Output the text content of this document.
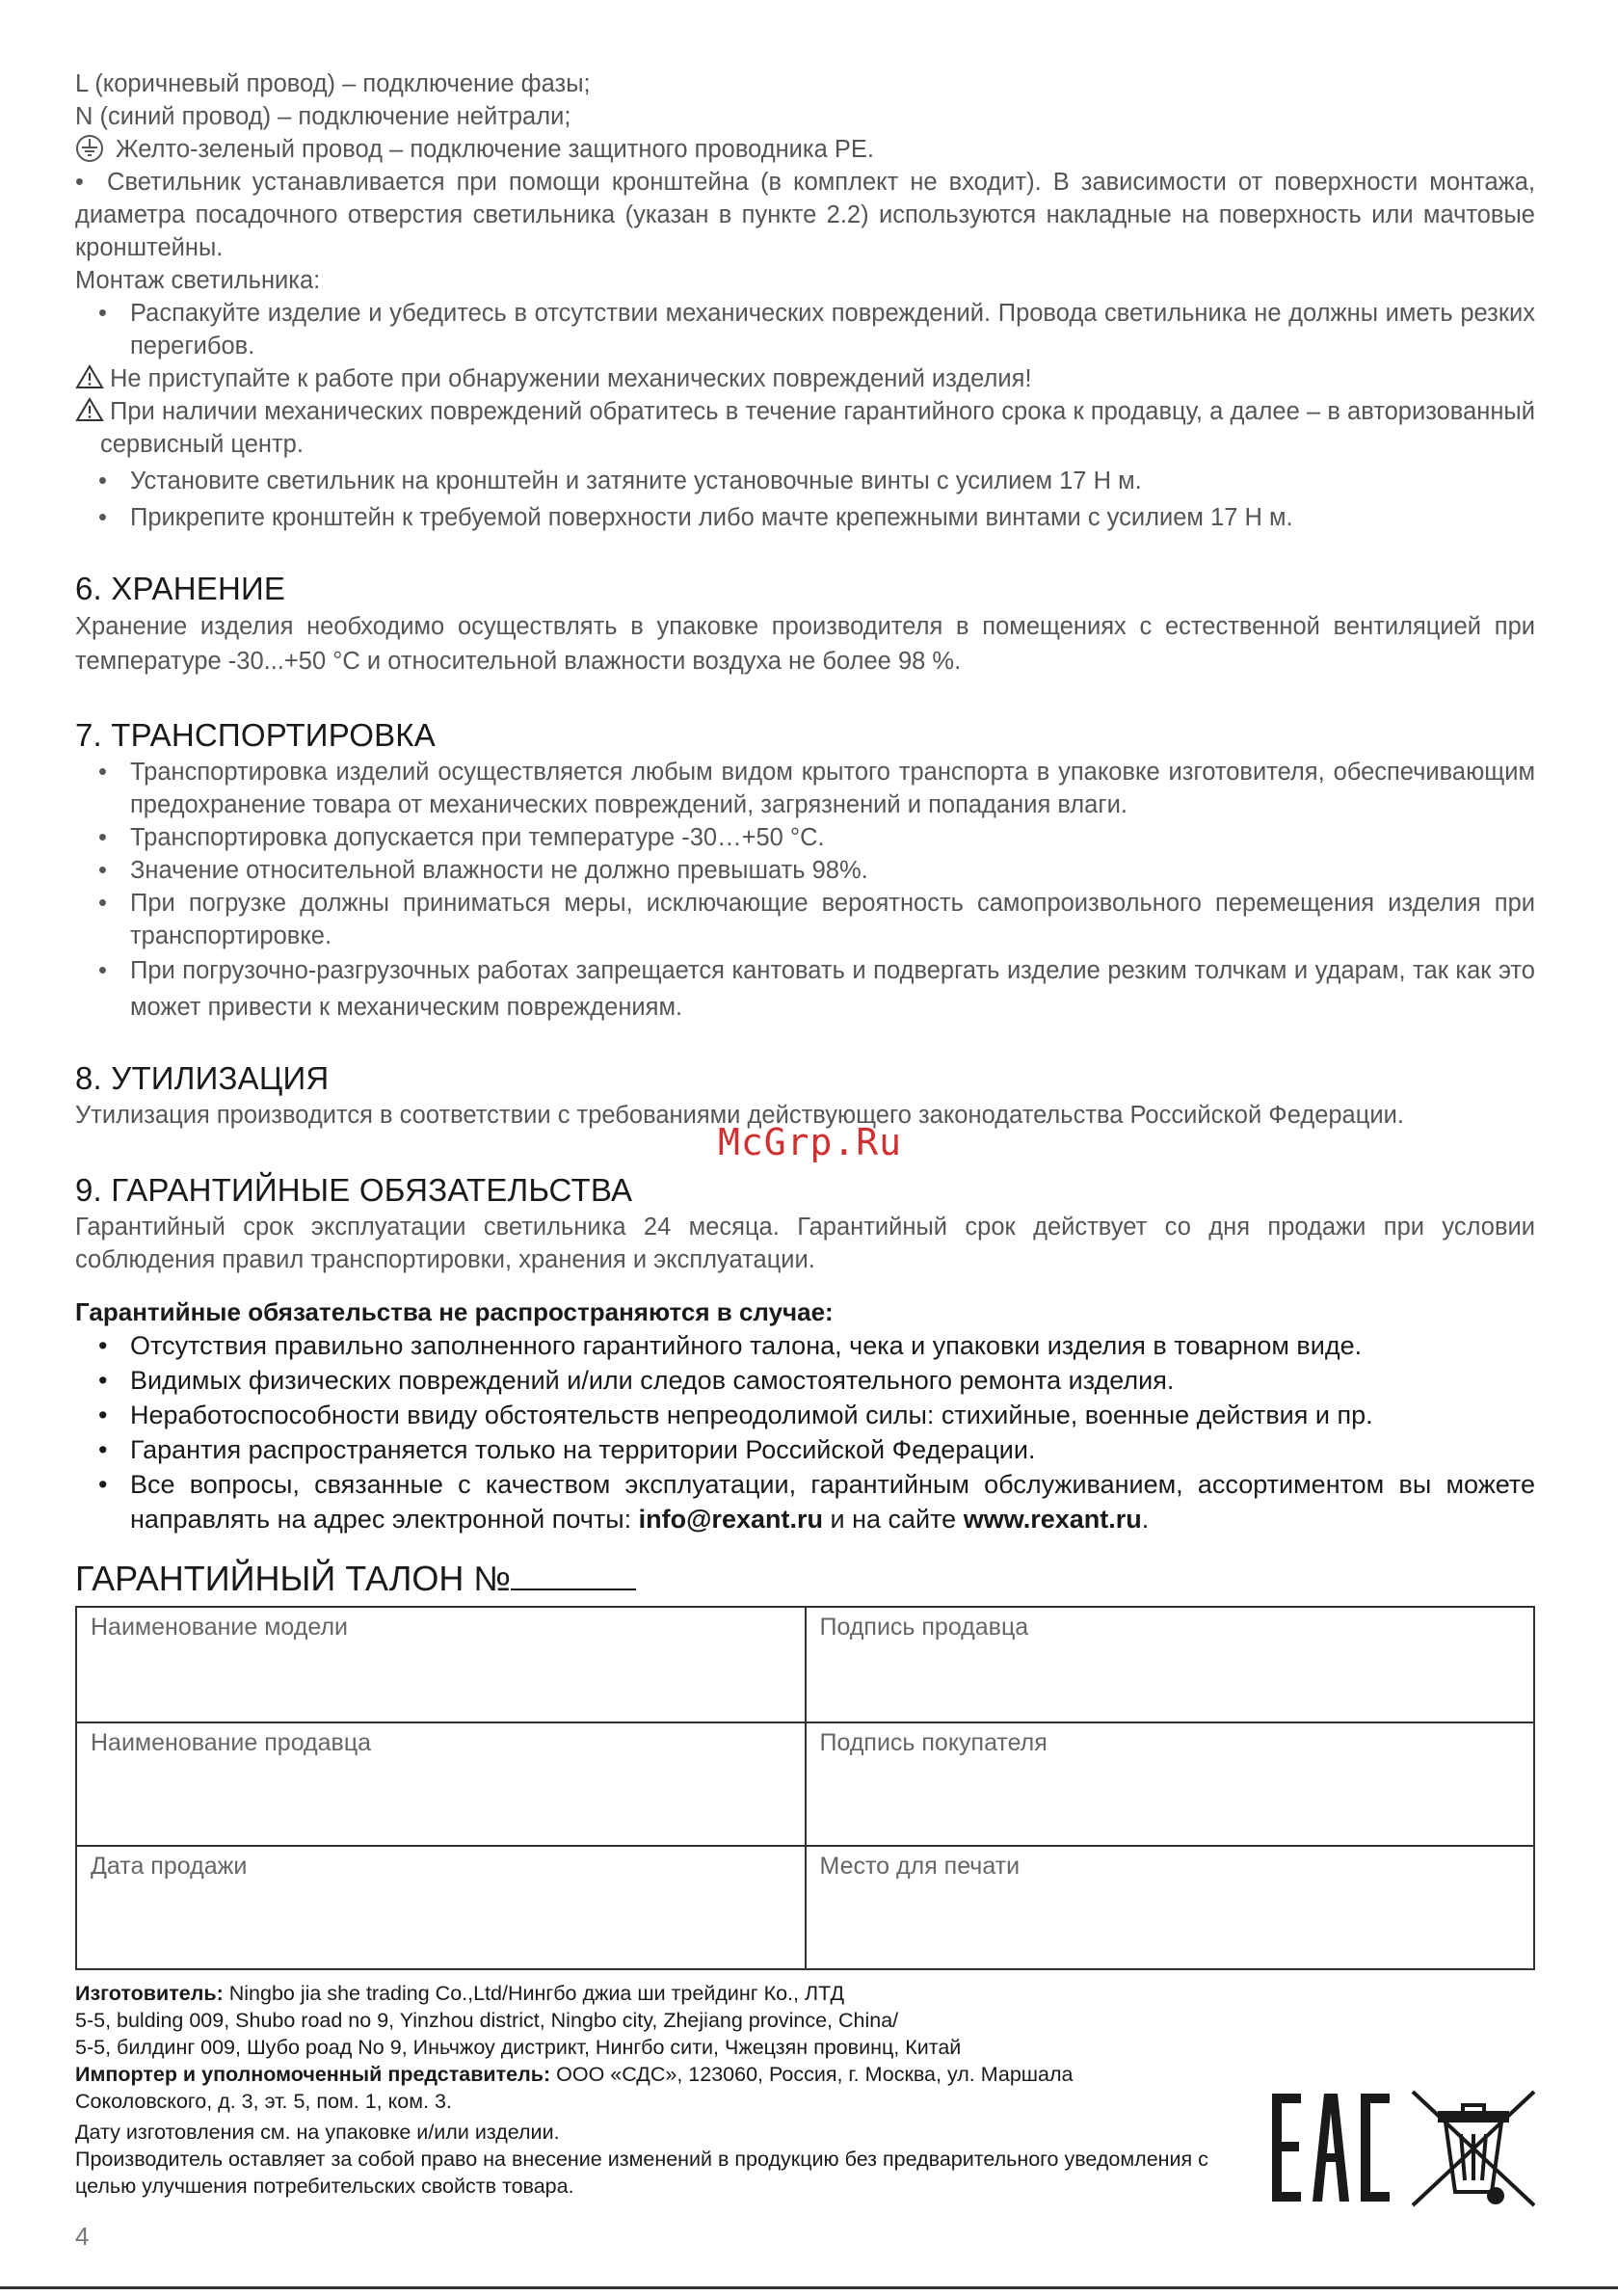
L (коричневый провод) – подключение фазы;

N (синий провод) – подключение нейтрали;

Желто-зеленый провод – подключение защитного проводника PE.

•  Светильник устанавливается при помощи кронштейна (в комплект не входит). В зависимости от поверхности монтажа, диаметра посадочного отверстия светильника (указан в пункте 2.2) используются накладные на поверхность или мачтовые кронштейны.

Монтаж светильника:

• Распакуйте изделие и убедитесь в отсутствии механических повреждений. Провода светильника не должны иметь резких перегибов.

Не приступайте к работе при обнаружении механических повреждений изделия!

При наличии механических повреждений обратитесь в течение гарантийного срока к продавцу, а далее – в авторизованный сервисный центр.

• Установите светильник на кронштейн и затяните установочные винты с усилием 17 Н м.

• Прикрепите кронштейн к требуемой поверхности либо мачте крепежными винтами с усилием 17 Н м.

6. ХРАНЕНИЕ

Хранение изделия необходимо осуществлять в упаковке производителя в помещениях с естественной вентиляцией при температуре -30...+50 °С и относительной влажности воздуха не более 98 %.

7. ТРАНСПОРТИРОВКА

• Транспортировка изделий осуществляется любым видом крытого транспорта в упаковке изготовителя, обеспечивающим предохранение товара от механических повреждений, загрязнений и попадания влаги.

• Транспортировка допускается при температуре -30…+50 °С.

• Значение относительной влажности не должно превышать 98%.

• При погрузке должны приниматься меры, исключающие вероятность самопроизвольного перемещения изделия при транспортировке.

• При погрузочно-разгрузочных работах запрещается кантовать и подвергать изделие резким толчкам и ударам, так как это может привести к механическим повреждениям.

8. УТИЛИЗАЦИЯ

Утилизация производится в соответствии с требованиями действующего законодательства Российской Федерации.

9. ГАРАНТИЙНЫЕ ОБЯЗАТЕЛЬСТВА

Гарантийный срок эксплуатации светильника 24 месяца. Гарантийный срок действует со дня продажи при условии соблюдения правил транспортировки, хранения и эксплуатации.

Гарантийные обязательства не распространяются в случае:

• Отсутствия правильно заполненного гарантийного талона, чека и упаковки изделия в товарном виде.

• Видимых физических повреждений и/или следов самостоятельного ремонта изделия.

• Неработоспособности ввиду обстоятельств непреодолимой силы: стихийные, военные действия и пр.

• Гарантия распространяется только на территории Российской Федерации.

• Все вопросы, связанные с качеством эксплуатации, гарантийным обслуживанием, ассортиментом вы можете направлять на адрес электронной почты: info@rexant.ru и на сайте www.rexant.ru.

ГАРАНТИЙНЫЙ ТАЛОН №

Наименование модели	Подпись продавца
Наименование продавца	Подпись покупателя
Дата продажи	Место для печати
Изготовитель: Ningbo jia she trading Co.,Ltd/Нингбо джиа ши трейдинг Ко., ЛТД
5-5, bulding 009, Shubo road no 9, Yinzhou district, Ningbo city, Zhejiang province, China/
5-5, билдинг 009, Шубо роад No 9, Иньчжоу дистрикт, Нингбо сити, Чжецзян провинц, Китай
Импортер и уполномоченный представитель: ООО «СДС», 123060, Россия, г. Москва, ул. Маршала Соколовского, д. 3, эт. 5, пом. 1, ком. 3.
Дату изготовления см. на упаковке и/или изделии.
Производитель оставляет за собой право на внесение изменений в продукцию без предварительного уведомления с целью улучшения потребительских свойств товара.
McGrp.Ru
4
